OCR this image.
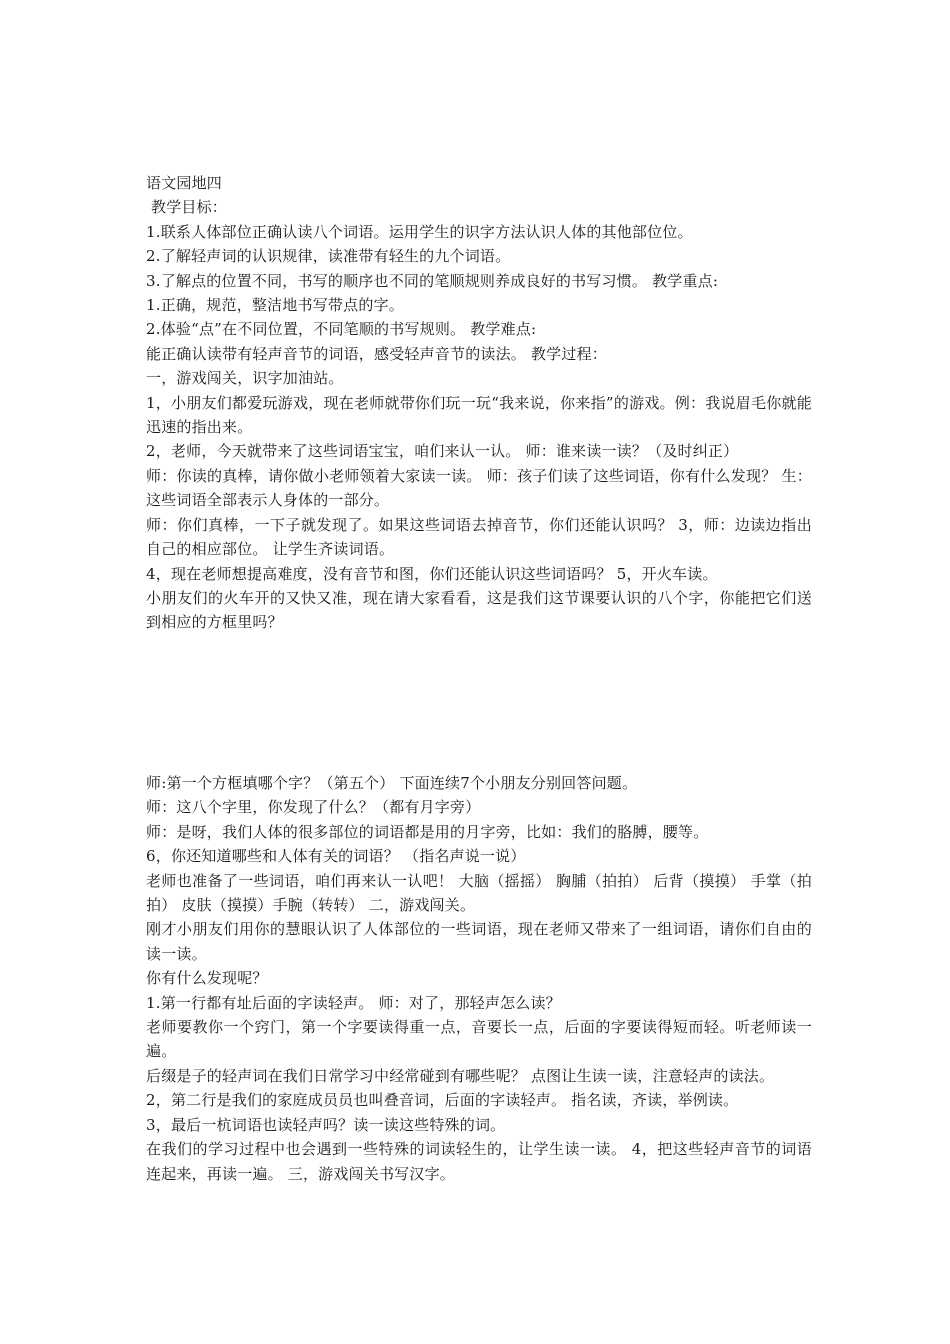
语文园地四

教学目标：

1.联系人体部位正确认读八个词语。运用学生的识字方法认识人体的其他部位位。

2.了解轻声词的认识规律，读准带有轻生的九个词语。

3.了解点的位置不同，书写的顺序也不同的笔顺规则养成良好的书写习惯。 教学重点:

1.正确，规范，整洁地书写带点的字。

2.体验“点”在不同位置，不同笔顺的书写规则。 教学难点:

能正确认读带有轻声音节的词语，感受轻声音节的读法。 教学过程：

一，游戏闯关，识字加油站。

1，小朋友们都爱玩游戏，现在老师就带你们玩一玩“我来说，你来指”的游戏。例：我说眉毛你就能迅速的指出来。

2，老师，今天就带来了这些词语宝宝，咱们来认一认。 师：谁来读一读？（及时纠正）

师：你读的真棒，请你做小老师领着大家读一读。 师：孩子们读了这些词语，你有什么发现？ 生：这些词语全部表示人身体的一部分。

师：你们真棒，一下子就发现了。如果这些词语去掉音节，你们还能认识吗？ 3，师：边读边指出自己的相应部位。 让学生齐读词语。

4，现在老师想提高难度，没有音节和图，你们还能认识这些词语吗？ 5，开火车读。

小朋友们的火车开的又快又准，现在请大家看看，这是我们这节课要认识的八个字，你能把它们送到相应的方框里吗？

师:第一个方框填哪个字？（第五个） 下面连续7个小朋友分别回答问题。

师：这八个字里，你发现了什么？（都有月字旁）

师：是呀，我们人体的很多部位的词语都是用的月字旁，比如：我们的胳膊，腰等。

6，你还知道哪些和人体有关的词语？ （指名声说一说）

老师也准备了一些词语，咱们再来认一认吧！ 大脑（摇摇） 胸脯（拍拍） 后背（摸摸） 手掌（拍拍） 皮肤（摸摸）手腕（转转） 二，游戏闯关。

刚才小朋友们用你的慧眼认识了人体部位的一些词语，现在老师又带来了一组词语，请你们自由的读一读。

你有什么发现呢？

1.第一行都有址后面的字读轻声。 师：对了，那轻声怎么读？

老师要教你一个窍门，第一个字要读得重一点，音要长一点，后面的字要读得短而轻。听老师读一遍。

后缀是子的轻声词在我们日常学习中经常碰到有哪些呢？ 点图让生读一读，注意轻声的读法。

2，第二行是我们的家庭成员员也叫叠音词，后面的字读轻声。 指名读，齐读，举例读。

3，最后一杭词语也读轻声吗？读一读这些特殊的词。

在我们的学习过程中也会遇到一些特殊的词读轻生的，让学生读一读。 4，把这些轻声音节的词语连起来，再读一遍。 三，游戏闯关书写汉字。
